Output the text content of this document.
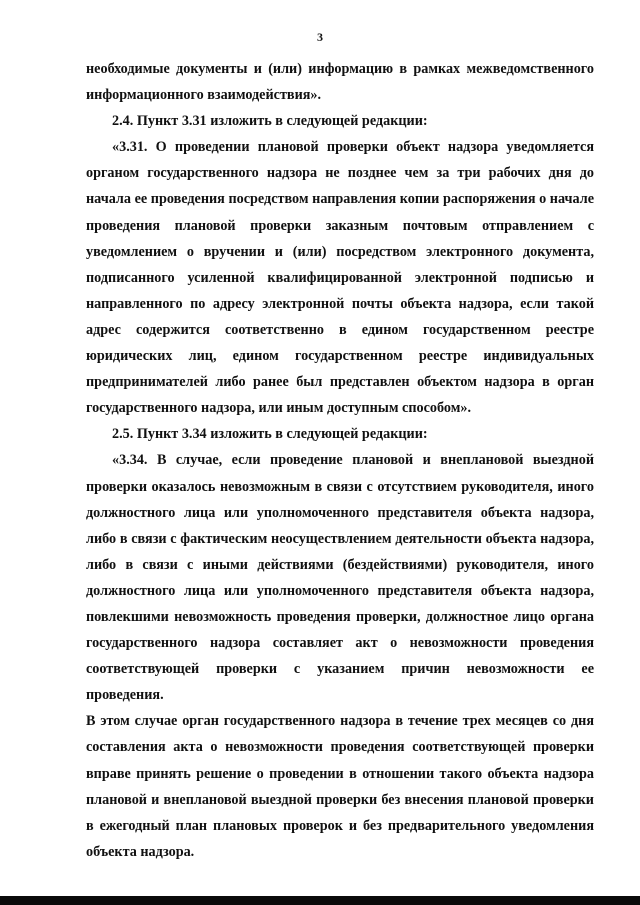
3

необходимые документы и (или) информацию в рамках межведомственного информационного взаимодействия».

2.4. Пункт 3.31 изложить в следующей редакции:

«3.31. О проведении плановой проверки объект надзора уведомляется органом государственного надзора не позднее чем за три рабочих дня до начала ее проведения посредством направления копии распоряжения о начале проведения плановой проверки заказным почтовым отправлением с уведомлением о вручении и (или) посредством электронного документа, подписанного усиленной квалифицированной электронной подписью и направленного по адресу электронной почты объекта надзора, если такой адрес содержится соответственно в едином государственном реестре юридических лиц, едином государственном реестре индивидуальных предпринимателей либо ранее был представлен объектом надзора в орган государственного надзора, или иным доступным способом».

2.5. Пункт 3.34 изложить в следующей редакции:

«3.34. В случае, если проведение плановой и внеплановой выездной проверки оказалось невозможным в связи с отсутствием руководителя, иного должностного лица или уполномоченного представителя объекта надзора, либо в связи с фактическим неосуществлением деятельности объекта надзора, либо в связи с иными действиями (бездействиями) руководителя, иного должностного лица или уполномоченного представителя объекта надзора, повлекшими невозможность проведения проверки, должностное лицо органа государственного надзора составляет акт о невозможности проведения соответствующей проверки с указанием причин невозможности ее проведения.

В этом случае орган государственного надзора в течение трех месяцев со дня составления акта о невозможности проведения соответствующей проверки вправе принять решение о проведении в отношении такого объекта надзора плановой и внеплановой выездной проверки без внесения плановой проверки в ежегодный план плановых проверок и без предварительного уведомления объекта надзора.
